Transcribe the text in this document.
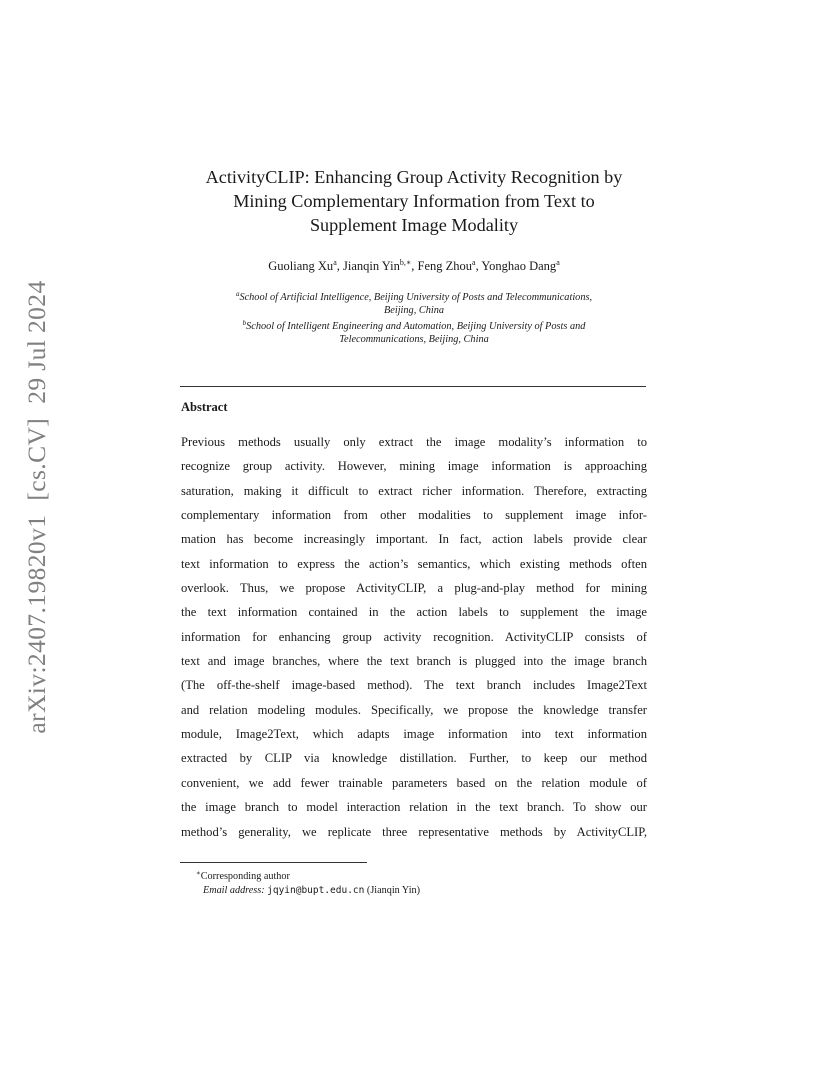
arXiv:2407.19820v1[cs.CV]29 Jul 2024
ActivityCLIP: Enhancing Group Activity Recognition by
Mining Complementary Information from Text to
Supplement Image Modality
Guoliang Xu$^a$, Jianqin Yin$^{b,∗}$, Feng Zhou$^a$, Yonghao Dang$^a$
$^a$School of Artificial Intelligence, Beijing University of Posts and Telecommunications,
Beijing, China
$^b$School of Intelligent Engineering and Automation, Beijing University of Posts and
Telecommunications, Beijing, China
Abstract
Previous methods usually only extract the image modality’s information to
recognize group activity. However, mining image information is approaching
saturation, making it difficult to extract richer information. Therefore, extracting
complementary information from other modalities to supplement image infor-
mation has become increasingly important. In fact, action labels provide clear
text information to express the action’s semantics, which existing methods often
overlook. Thus, we propose ActivityCLIP, a plug-and-play method for mining
the text information contained in the action labels to supplement the image
information for enhancing group activity recognition. ActivityCLIP consists of
text and image branches, where the text branch is plugged into the image branch
(The off-the-shelf image-based method). The text branch includes Image2Text
and relation modeling modules. Specifically, we propose the knowledge transfer
module, Image2Text, which adapts image information into text information
extracted by CLIP via knowledge distillation. Further, to keep our method
convenient, we add fewer trainable parameters based on the relation module of
the image branch to model interaction relation in the text branch. To show our
method’s generality, we replicate three representative methods by ActivityCLIP,
∗Corresponding author
Email address: jqyin@bupt.edu.cn (Jianqin Yin)
